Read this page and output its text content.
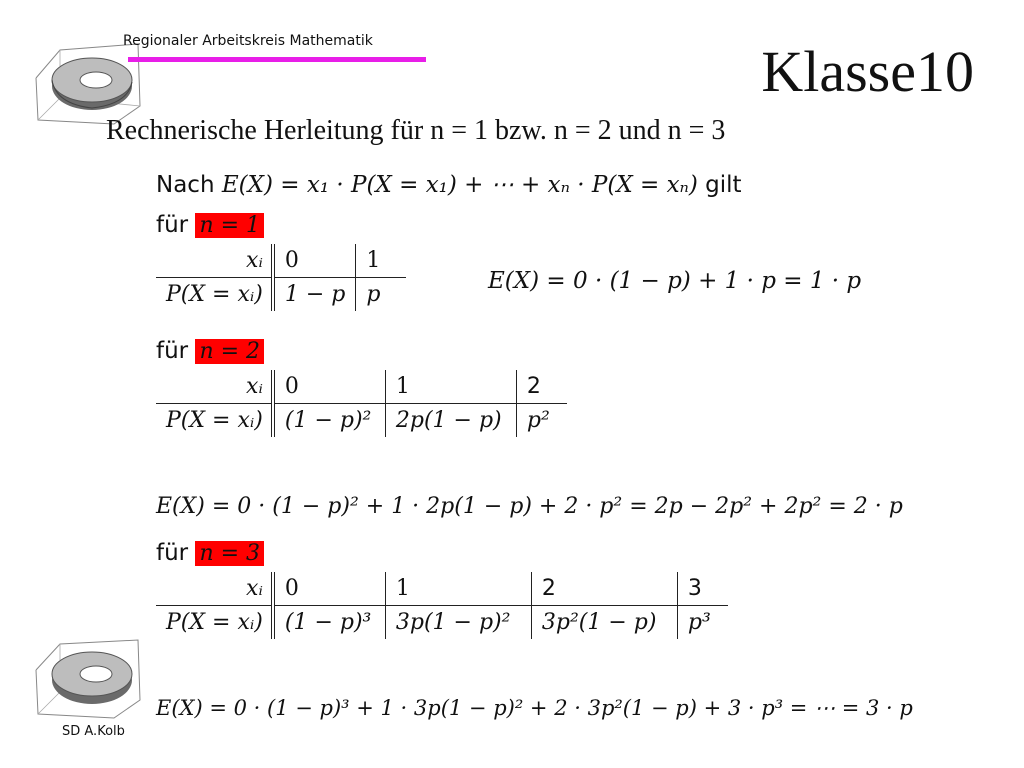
Regionaler Arbeitskreis Mathematik	Klasse10
Rechnerische Herleitung für n = 1 bzw. n = 2 und n = 3
Nach E(X) = x₁ · P(X = x₁) + ⋯ + xₙ · P(X = xₙ) gilt
für n = 1
xᵢ	0	1
P(X = xᵢ)	1 − p	p
E(X) = 0 · (1 − p) + 1 · p = 1 · p
für n = 2
xᵢ	0	1	2
P(X = xᵢ)	(1 − p)²	2p(1 − p)	p²
E(X) = 0 · (1 − p)² + 1 · 2p(1 − p) + 2 · p² = 2p − 2p² + 2p² = 2 · p
für n = 3
xᵢ	0	1	2	3
P(X = xᵢ)	(1 − p)³	3p(1 − p)²	3p²(1 − p)	p³
E(X) = 0 · (1 − p)³ + 1 · 3p(1 − p)² + 2 · 3p²(1 − p) + 3 · p³ = ⋯ = 3 · p
SD A.Kolb
